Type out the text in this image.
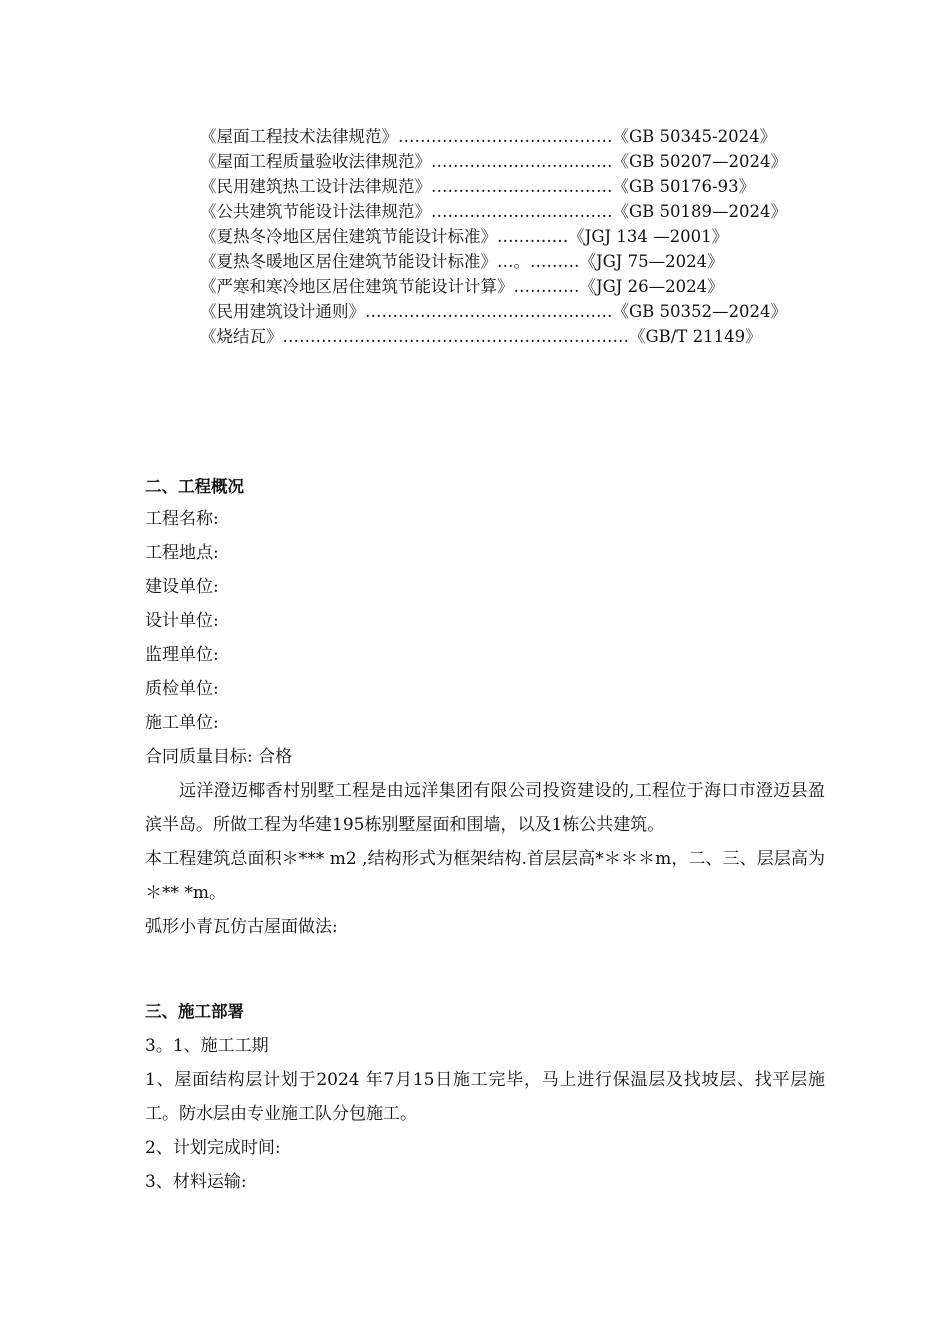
《屋面工程技术法律规范》…………………………………《GB 50345-2024》
《屋面工程质量验收法律规范》……………………………《GB 50207—2024》
《民用建筑热工设计法律规范》……………………………《GB 50176-93》
《公共建筑节能设计法律规范》……………………………《GB 50189—2024》
《夏热冬冷地区居住建筑节能设计标准》….………《JGJ 134 —2001》
《夏热冬暖地区居住建筑节能设计标准》…。………《JGJ 75—2024》
《严寒和寒冷地区居住建筑节能设计计算》…………《JGJ 26—2024》
《民用建筑设计通则》………………………………………《GB 50352—2024》
《烧结瓦》………………………………………………………《GB/T 21149》
二、工程概况
工程名称:
工程地点:
建设单位:
设计单位:
监理单位:
质检单位:
施工单位:
合同质量目标: 合格
远洋澄迈椰香村别墅工程是由远洋集团有限公司投资建设的,工程位于海口市澄迈县盈滨半岛。所做工程为华建195栋别墅屋面和围墙，以及1栋公共建筑。
本工程建筑总面积＊*** m2 ,结构形式为框架结构.首层层高*＊＊＊m，二、三、层层高为＊** *m。
弧形小青瓦仿古屋面做法:
三、施工部署
3。1、施工工期
1、屋面结构层计划于2024 年7月15日施工完毕，马上进行保温层及找坡层、找平层施工。防水层由专业施工队分包施工。
2、计划完成时间:
3、材料运输:
